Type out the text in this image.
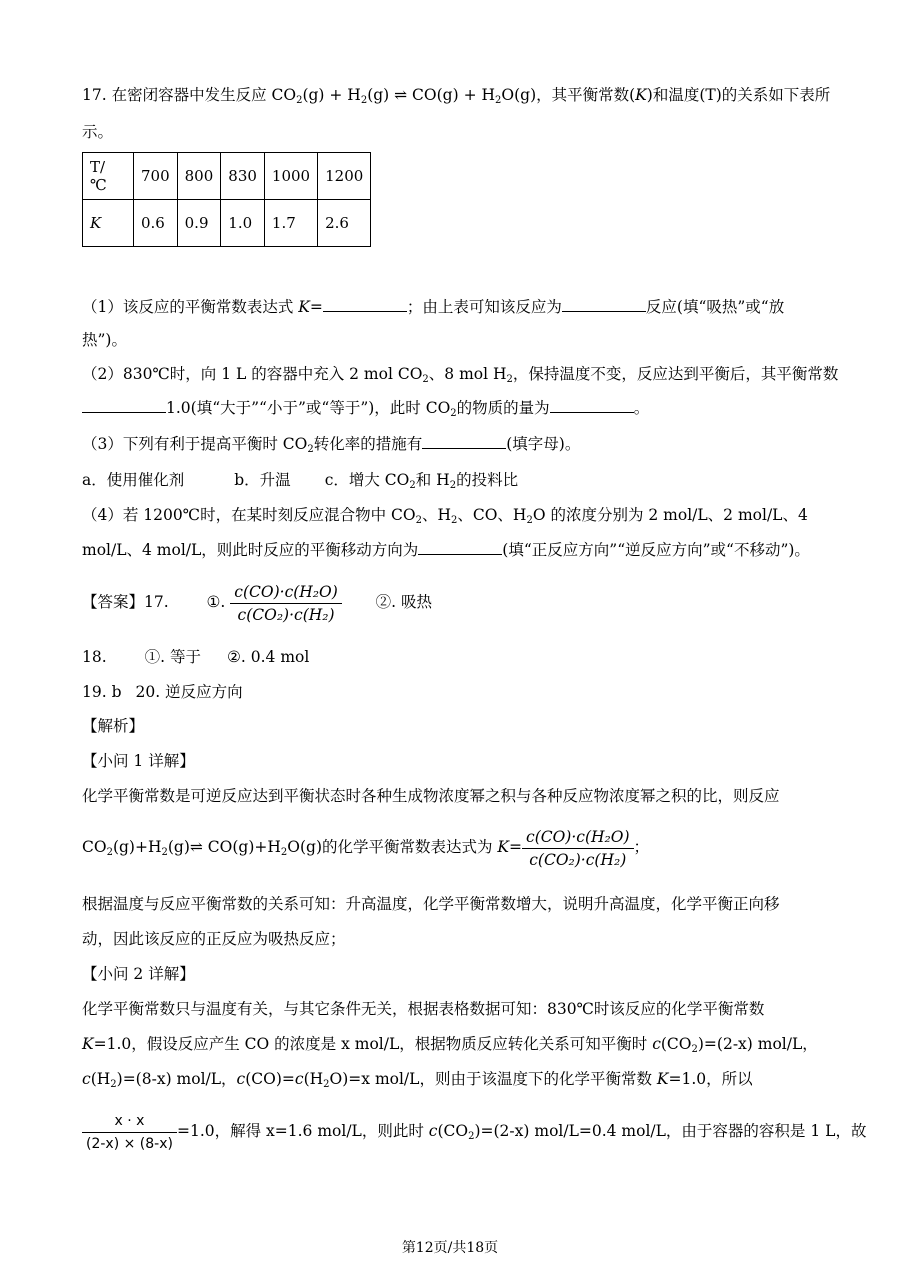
17. 在密闭容器中发生反应 $CO_2(g) + H_2(g)$ ⇌ $CO(g) + H_2O(g)$，其平衡常数(K)和温度(T)的关系如下表所
示。
T/ ℃	700	800	830	1000	1200
K	0.6	0.9	1.0	1.7	2.6
（1）该反应的平衡常数表达式 K=	；由上表可知该反应为	反应(填“吸热”或“放
热”)。
（2）830℃时，向 1 L 的容器中充入 2 mol $CO_2$、8 mol $H_2$，保持温度不变，反应达到平衡后，其平衡常数
1.0(填“大于”“小于”或“等于”)，此时 $CO_2$的物质的量为	。
（3）下列有利于提高平衡时 $CO_2$转化率的措施有	(填字母)。
a．使用催化剂	b．升温 c．增大 $CO_2$和 $H_2$的投料比
（4）若 1200℃时，在某时刻反应混合物中 $CO_2$、$H_2$、CO、$H_2O$ 的浓度分别为 2 mol/L、2 mol/L、4
mol/L、4 mol/L，则此时反应的平衡移动方向为	(填“正反应方向”“逆反应方向”或“不移动”)。
【答案】17. ①. $\frac{\text{c(CO)·c(H₂O)}}{\text{c(CO₂)·c(H₂)}}$ ②. 吸热
18. ①. 等于 ②. 0.4 mol
19. b 20. 逆反应方向
【解析】
【小问 1 详解】
化学平衡常数是可逆反应达到平衡状态时各种生成物浓度幂之积与各种反应物浓度幂之积的比，则反应
$CO_2(g)+H_2(g)\rightleftharpoons$ $CO(g)+H_2O(g)$的化学平衡常数表达式为 $K= \frac{\text{c(CO)·c(H₂O)}}{\text{c(CO₂)·c(H₂)}}$ ；
根据温度与反应平衡常数的关系可知：升高温度，化学平衡常数增大，说明升高温度，化学平衡正向移
动，因此该反应的正反应为吸热反应；
【小问 2 详解】
化学平衡常数只与温度有关，与其它条件无关，根据表格数据可知：830℃时该反应的化学平衡常数
K=1.0，假设反应产生 CO 的浓度是 x mol/L，根据物质反应转化关系可知平衡时 $c(CO_2)=(2-x)$ mol/L，
$c(H_2)=(8-x)$ mol/L，$c(CO)=c(H_2O)=x$ mol/L，则由于该温度下的化学平衡常数 K=1.0，所以
$\frac{x \cdot x}{(2-x) \times (8-x)} =1.0$，解得 x=1.6 mol/L，则此时 $c(CO_2)=(2-x)$ mol/L=0.4 mol/L，由于容器的容积是 1 L，故
第12页/共18页
